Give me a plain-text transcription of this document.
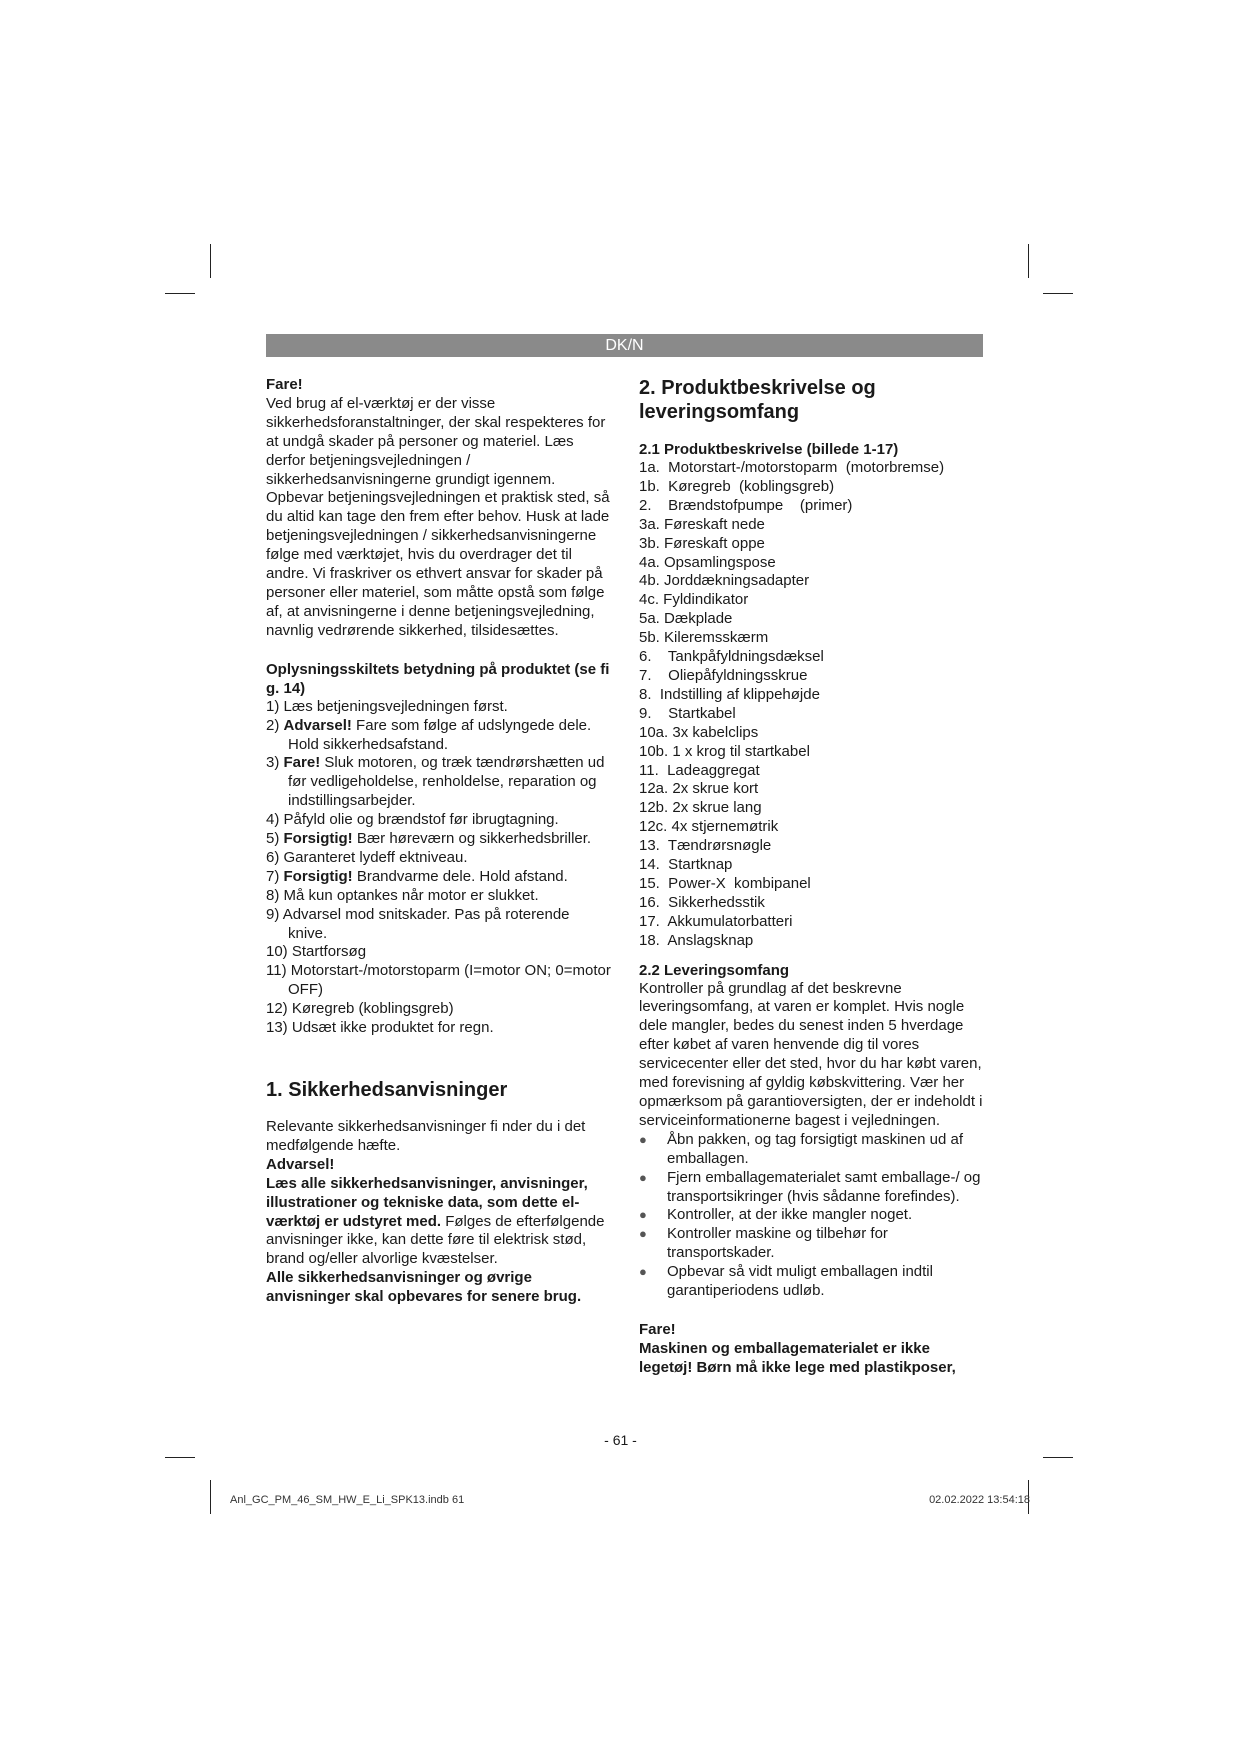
DK/N

Fare!

Ved brug af el-værktøj er der visse sikkerhedsforanstaltninger, der skal respekteres for at undgå skader på personer og materiel. Læs derfor betjeningsvejledningen / sikkerhedsanvisningerne grundigt igennem. Opbevar betjeningsvejledningen et praktisk sted, så du altid kan tage den frem efter behov. Husk at lade betjeningsvejledningen / sikkerhedsanvisningerne følge med værktøjet, hvis du overdrager det til andre. Vi fraskriver os ethvert ansvar for skader på personer eller materiel, som måtte opstå som følge af, at anvisningerne i denne betjeningsvejledning, navnlig vedrørende sikkerhed, tilsidesættes.

Oplysningsskiltets betydning på produktet (se fi g. 14)

1) Læs betjeningsvejledningen først.
2) Advarsel! Fare som følge af udslyngede dele. Hold sikkerhedsafstand.
3) Fare! Sluk motoren, og træk tændrørshætten ud før vedligeholdelse, renholdelse, reparation og indstillingsarbejder.
4) Påfyld olie og brændstof før ibrugtagning.
5) Forsigtig! Bær høreværn og sikkerhedsbriller.
6) Garanteret lydeff ektniveau.
7) Forsigtig! Brandvarme dele. Hold afstand.
8) Må kun optankes når motor er slukket.
9) Advarsel mod snitskader. Pas på roterende knive.
10) Startforsøg
11) Motorstart-/motorstoparm (I=motor ON; 0=motor OFF)
12) Køregreb (koblingsgreb)
13) Udsæt ikke produktet for regn.

1. Sikkerhedsanvisninger

Relevante sikkerhedsanvisninger fi nder du i det medfølgende hæfte.

Advarsel!

Læs alle sikkerhedsanvisninger, anvisninger, illustrationer og tekniske data, som dette el-værktøj er udstyret med. Følges de efterfølgende anvisninger ikke, kan dette føre til elektrisk stød, brand og/eller alvorlige kvæstelser.

Alle sikkerhedsanvisninger og øvrige anvisninger skal opbevares for senere brug.

2. Produktbeskrivelse og leveringsomfang

2.1 Produktbeskrivelse (billede 1-17)

1a.  Motorstart-/motorstoparm  (motorbremse)

1b.  Køregreb  (koblingsgreb)

2.    Brændstofpumpe    (primer)

3a. Føreskaft nede

3b. Føreskaft oppe

4a. Opsamlingspose

4b. Jorddækningsadapter

4c. Fyldindikator

5a. Dækplade

5b. Kileremsskærm

6.    Tankpåfyldningsdæksel

7.    Oliepåfyldningsskrue

8.  Indstilling af klippehøjde

9.    Startkabel

10a. 3x kabelclips

10b. 1 x krog til startkabel

11.  Ladeaggregat

12a. 2x skrue kort

12b. 2x skrue lang

12c. 4x stjernemøtrik

13.  Tændrørsnøgle

14.  Startknap

15.  Power-X  kombipanel

16.  Sikkerhedsstik

17.  Akkumulatorbatteri

18.  Anslagsknap

2.2 Leveringsomfang

Kontroller på grundlag af det beskrevne leveringsomfang, at varen er komplet. Hvis nogle dele mangler, bedes du senest inden 5 hverdage efter købet af varen henvende dig til vores servicecenter eller det sted, hvor du har købt varen, med forevisning af gyldig købskvittering. Vær her opmærksom på garantioversigten, der er indeholdt i serviceinformationerne bagest i vejledningen.

● Åbn pakken, og tag forsigtigt maskinen ud af emballagen.
● Fjern emballagematerialet samt emballage-/ og transportsikringer (hvis sådanne forefindes).
● Kontroller, at der ikke mangler noget.
● Kontroller maskine og tilbehør for transportskader.
● Opbevar så vidt muligt emballagen indtil garantiperiodens udløb.

Fare!

Maskinen og emballagematerialet er ikke legetøj! Børn må ikke lege med plastikposer,

- 61 -
Anl_GC_PM_46_SM_HW_E_Li_SPK13.indb 61	02.02.2022 13:54:18
